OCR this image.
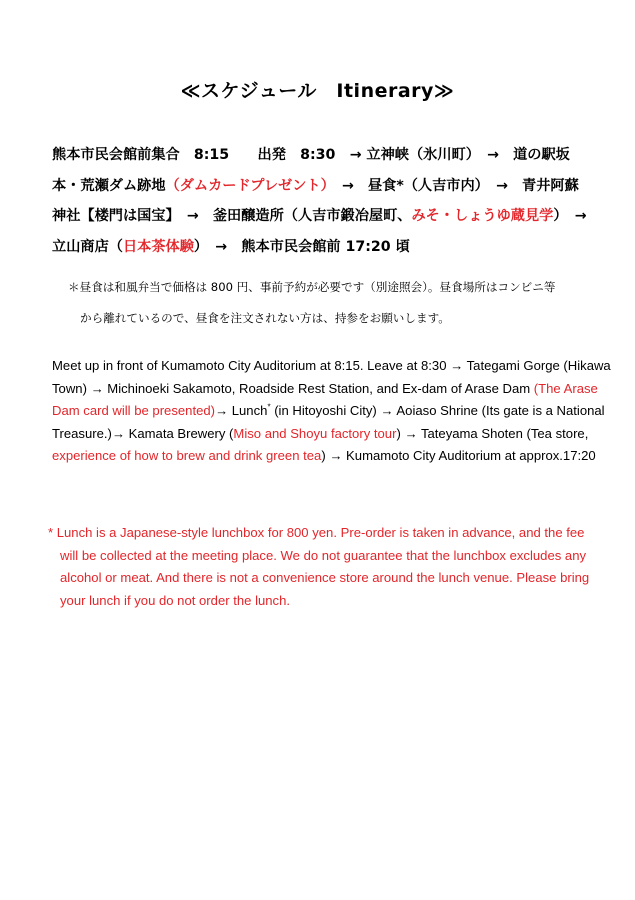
≪スケジュール　Itinerary≫
熊本市民会館前集合　8:15　　出発　8:30　→ 立神峡（氷川町）　→　道の駅坂本・荒瀬ダム跡地（ダムカードプレゼント）　→　昼食*（人吉市内）　→　青井阿蘇神社【楼門は国宝】　→　釜田醸造所（人吉市鍛冶屋町、みそ・しょうゆ蔵見学）　→　立山商店（日本茶体験）　→　熊本市民会館前 17:20 頃
＊昼食は和風弁当で価格は 800 円、事前予約が必要です（別途照会）。昼食場所はコンビニ等
から離れているので、昼食を注文されない方は、持参をお願いします。
Meet up in front of Kumamoto City Auditorium at 8:15. Leave at 8:30 → Tategami Gorge (Hikawa Town) → Michinoeki Sakamoto, Roadside Rest Station, and Ex-dam of Arase Dam (The Arase Dam card will be presented)→ Lunch* (in Hitoyoshi City) → Aoiaso Shrine (Its gate is a National Treasure.)→ Kamata Brewery (Miso and Shoyu factory tour) → Tateyama Shoten (Tea store, experience of how to brew and drink green tea) → Kumamoto City Auditorium at approx.17:20
* Lunch is a Japanese-style lunchbox for 800 yen. Pre-order is taken in advance, and the fee will be collected at the meeting place. We do not guarantee that the lunchbox excludes any alcohol or meat. And there is not a convenience store around the lunch venue. Please bring your lunch if you do not order the lunch.
